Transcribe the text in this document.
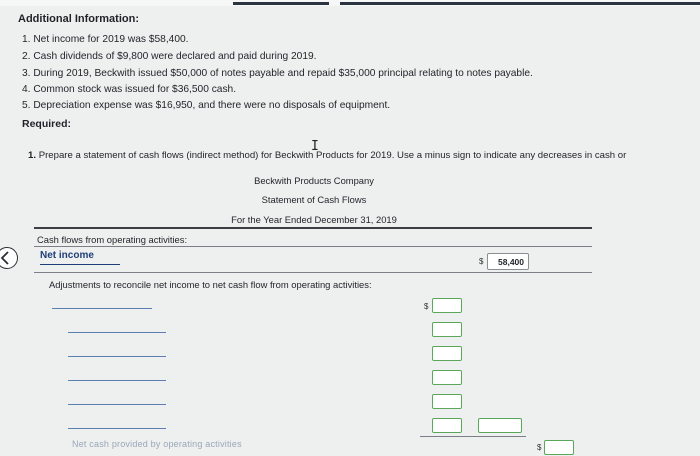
Additional Information:
1. Net income for 2019 was $58,400.
2. Cash dividends of $9,800 were declared and paid during 2019.
3. During 2019, Beckwith issued $50,000 of notes payable and repaid $35,000 principal relating to notes payable.
4. Common stock was issued for $36,500 cash.
5. Depreciation expense was $16,950, and there were no disposals of equipment.
Required:
1. Prepare a statement of cash flows (indirect method) for Beckwith Products for 2019. Use a minus sign to indicate any decreases in cash or
I
Beckwith Products Company
Statement of Cash Flows
For the Year Ended December 31, 2019
Cash flows from operating activities:
Net income
$	58,400
Adjustments to reconcile net income to net cash flow from operating activities:
$
Net cash provided by operating activities	$
